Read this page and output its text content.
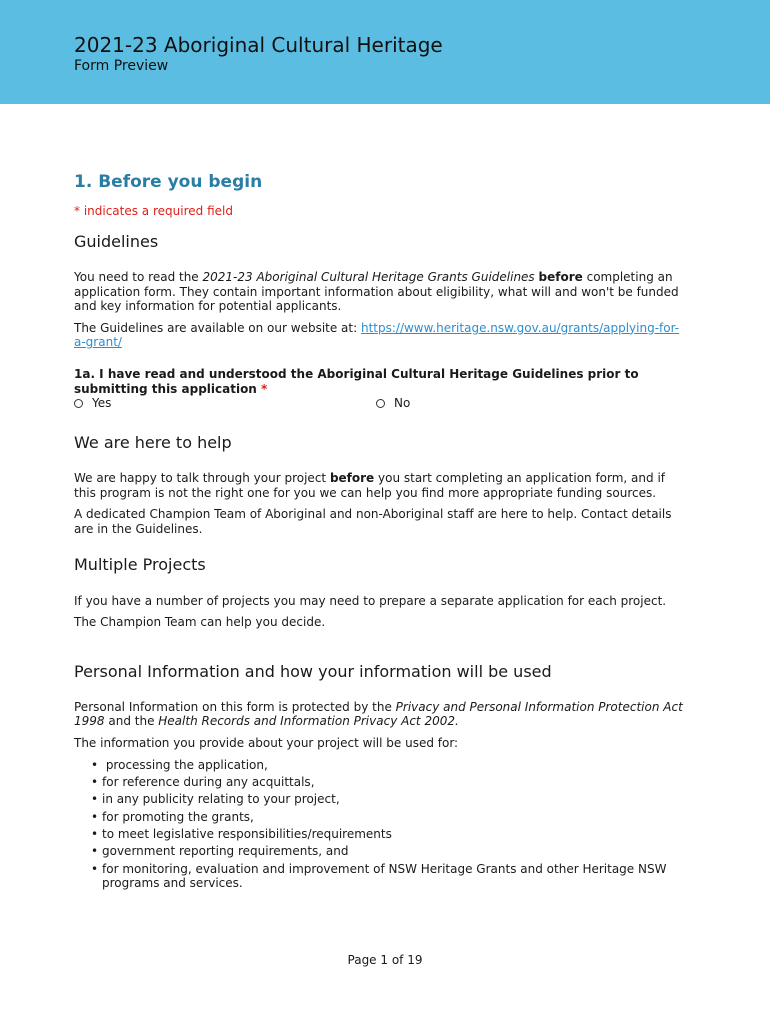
2021-23 Aboriginal Cultural Heritage
Form Preview
1. Before you begin
* indicates a required field
Guidelines

You need to read the 2021-23 Aboriginal Cultural Heritage Grants Guidelines before completing an application form. They contain important information about eligibility, what will and won't be funded and key information for potential applicants.

The Guidelines are available on our website at: https://www.heritage.nsw.gov.au/grants/applying-for-a-grant/

1a. I have read and understood the Aboriginal Cultural Heritage Guidelines prior to submitting this application *
Yes	No
We are here to help

We are happy to talk through your project before you start completing an application form, and if this program is not the right one for you we can help you find more appropriate funding sources.

A dedicated Champion Team of Aboriginal and non-Aboriginal staff are here to help. Contact details are in the Guidelines.

Multiple Projects

If you have a number of projects you may need to prepare a separate application for each project.

The Champion Team can help you decide.

Personal Information and how your information will be used

Personal Information on this form is protected by the Privacy and Personal Information Protection Act 1998 and the Health Records and Information Privacy Act 2002.

The information you provide about your project will be used for:

• processing the application,
• for reference during any acquittals,
• in any publicity relating to your project,
• for promoting the grants,
• to meet legislative responsibilities/requirements
• government reporting requirements, and
• for monitoring, evaluation and improvement of NSW Heritage Grants and other Heritage NSW programs and services.
Page 1 of 19
